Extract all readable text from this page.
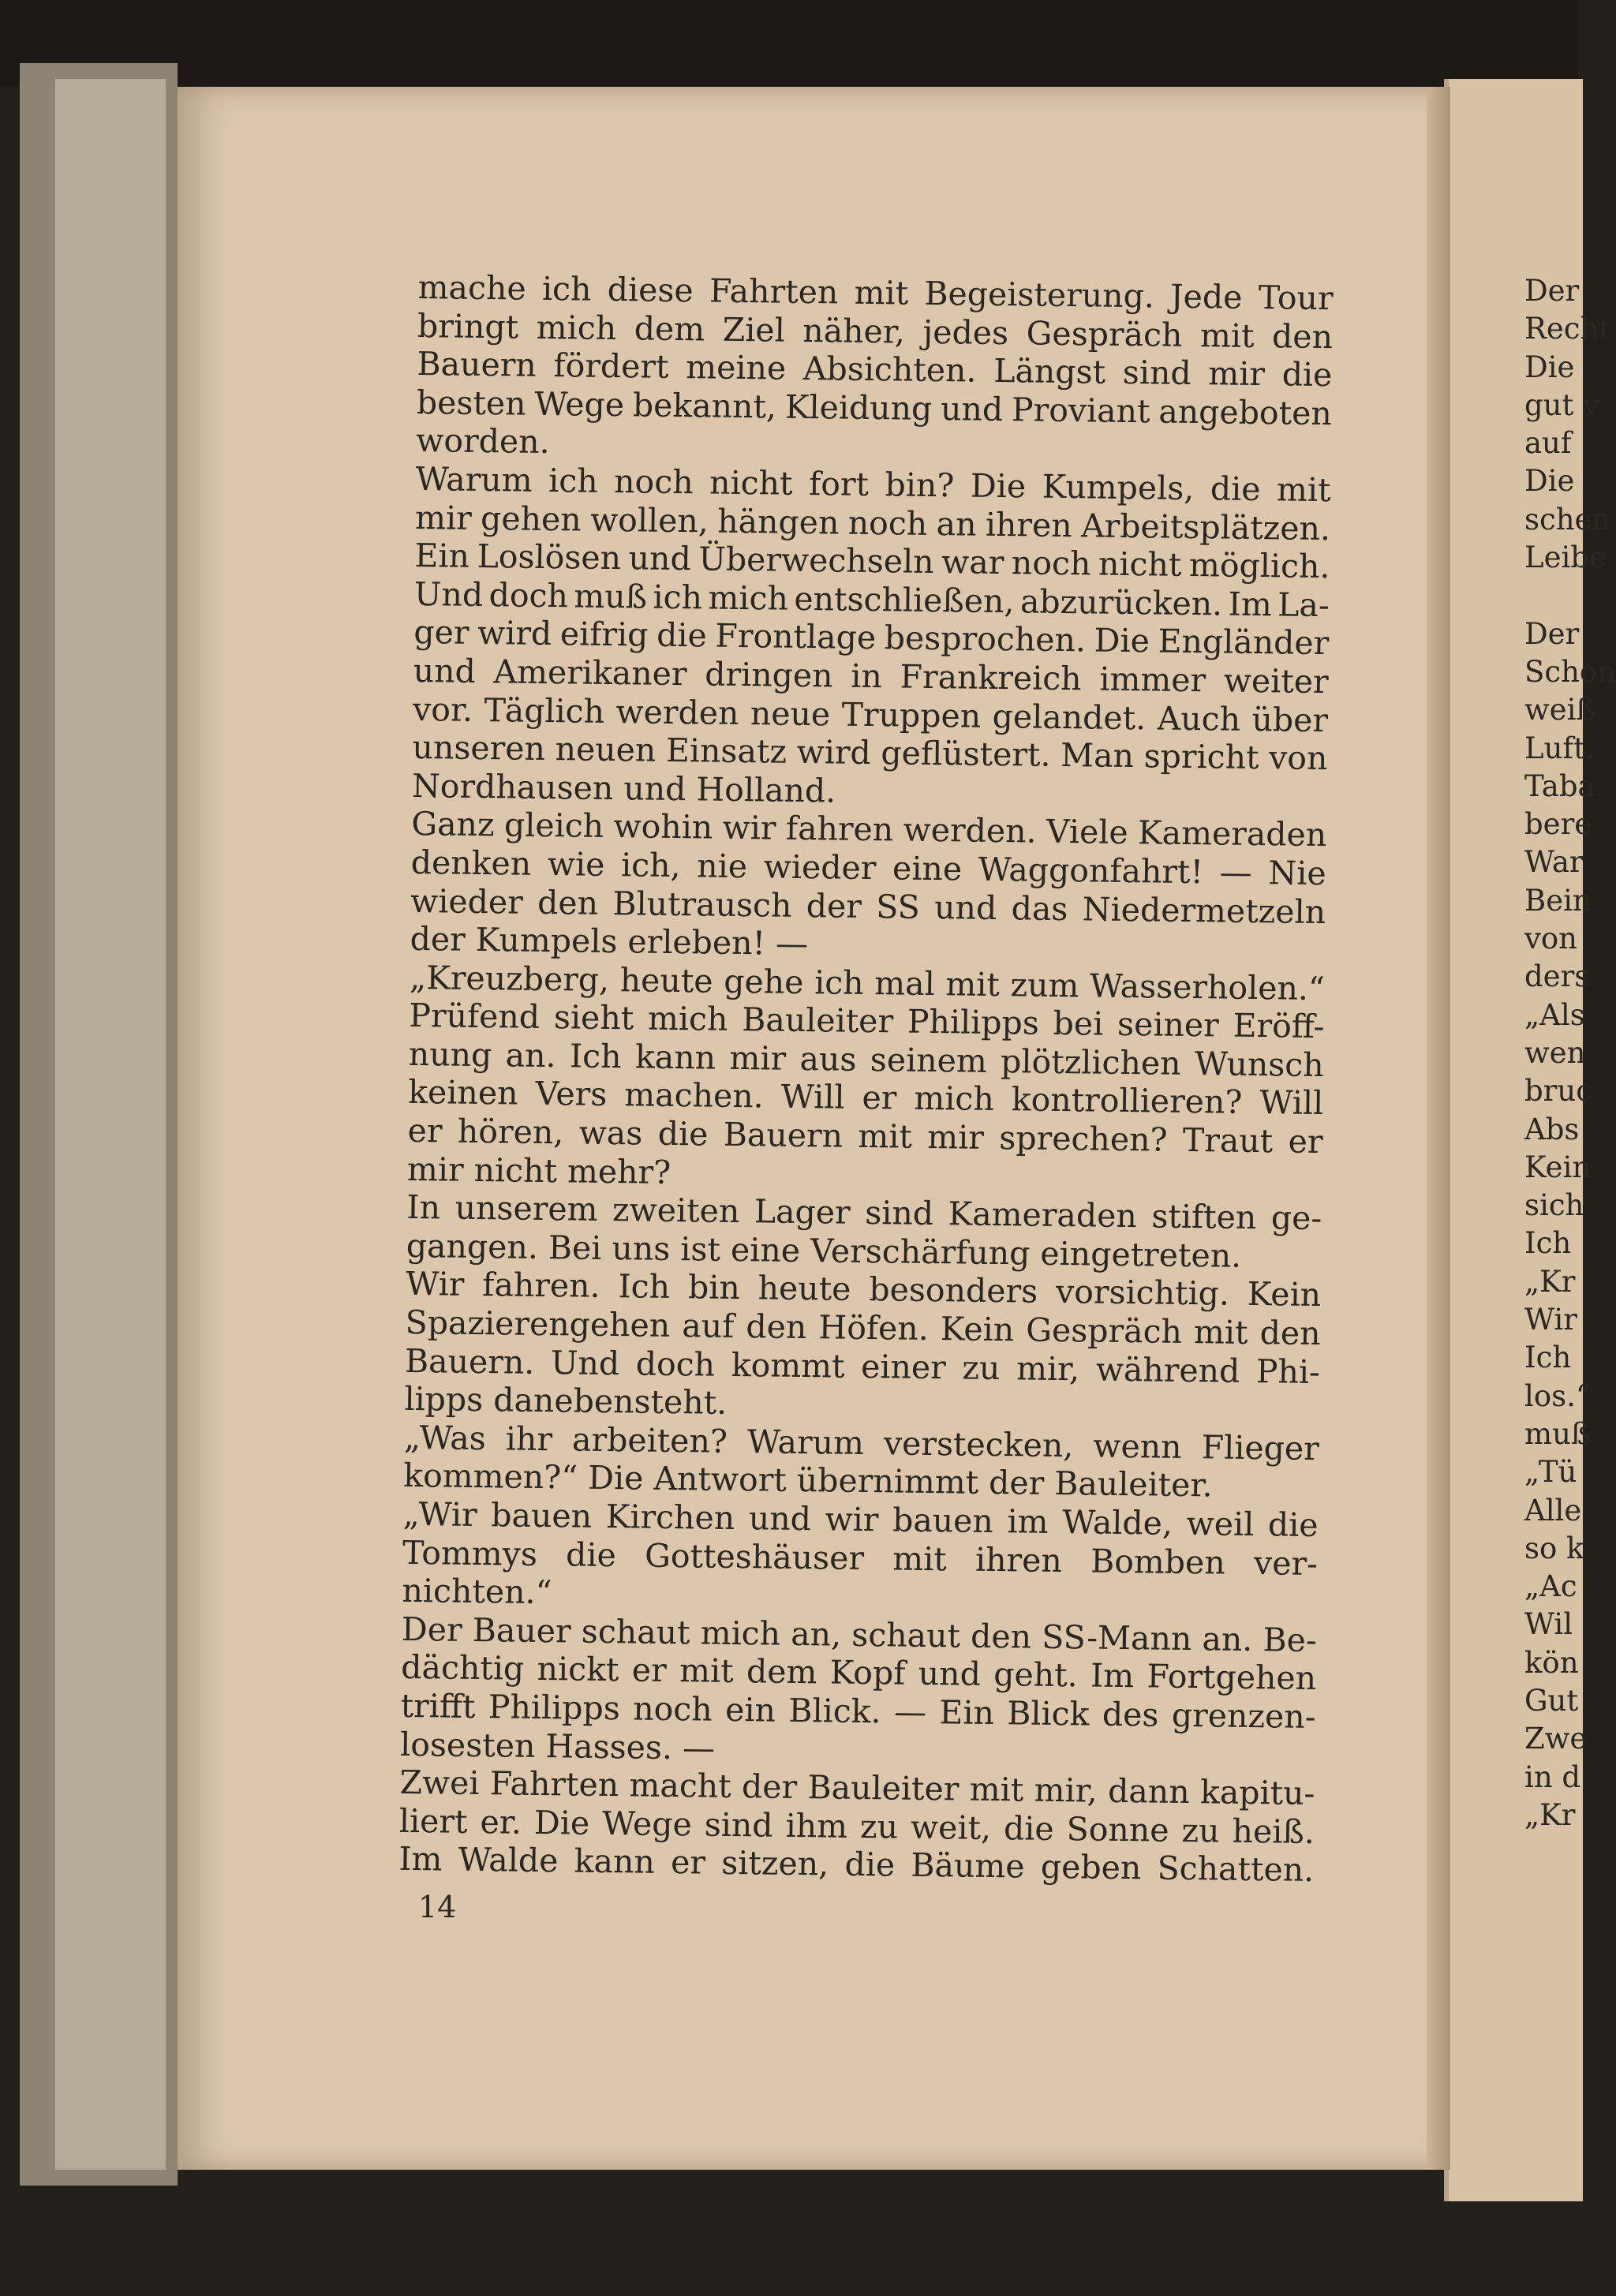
mache ich diese Fahrten mit Begeisterung. Jede Tour
bringt mich dem Ziel näher, jedes Gespräch mit den
Bauern fördert meine Absichten. Längst sind mir die
besten Wege bekannt, Kleidung und Proviant angeboten
worden.
Warum ich noch nicht fort bin? Die Kumpels, die mit
mir gehen wollen, hängen noch an ihren Arbeitsplätzen.
Ein Loslösen und Überwechseln war noch nicht möglich.
Und doch muß ich mich entschließen, abzurücken. Im La-
ger wird eifrig die Frontlage besprochen. Die Engländer
und Amerikaner dringen in Frankreich immer weiter
vor. Täglich werden neue Truppen gelandet. Auch über
unseren neuen Einsatz wird geflüstert. Man spricht von
Nordhausen und Holland.
Ganz gleich wohin wir fahren werden. Viele Kameraden
denken wie ich, nie wieder eine Waggonfahrt! — Nie
wieder den Blutrausch der SS und das Niedermetzeln
der Kumpels erleben! —
„Kreuzberg, heute gehe ich mal mit zum Wasserholen.“
Prüfend sieht mich Bauleiter Philipps bei seiner Eröff-
nung an. Ich kann mir aus seinem plötzlichen Wunsch
keinen Vers machen. Will er mich kontrollieren? Will
er hören, was die Bauern mit mir sprechen? Traut er
mir nicht mehr?
In unserem zweiten Lager sind Kameraden stiften ge-
gangen. Bei uns ist eine Verschärfung eingetreten.
Wir fahren. Ich bin heute besonders vorsichtig. Kein
Spazierengehen auf den Höfen. Kein Gespräch mit den
Bauern. Und doch kommt einer zu mir, während Phi-
lipps danebensteht.
„Was ihr arbeiten? Warum verstecken, wenn Flieger
kommen?“ Die Antwort übernimmt der Bauleiter.
„Wir bauen Kirchen und wir bauen im Walde, weil die
Tommys die Gotteshäuser mit ihren Bomben ver-
nichten.“
Der Bauer schaut mich an, schaut den SS-Mann an. Be-
dächtig nickt er mit dem Kopf und geht. Im Fortgehen
trifft Philipps noch ein Blick. — Ein Blick des grenzen-
losesten Hasses. —
Zwei Fahrten macht der Bauleiter mit mir, dann kapitu-
liert er. Die Wege sind ihm zu weit, die Sonne zu heiß.
Im Walde kann er sitzen, die Bäume geben Schatten.
14
Der
Recht
Die
gut v
auf
Die
schen
Leibe
Der
Schon
weiß
Luft.
Taba
bere
War
Bein
von
ders
„Als
wen
bruc
Abs
Kein
sich
Ich
„Kr
Wir
Ich
los.“
muß
„Tü
Alle
so k
„Ac
Wil
kön
Gut
Zwe
in d
„Kr
